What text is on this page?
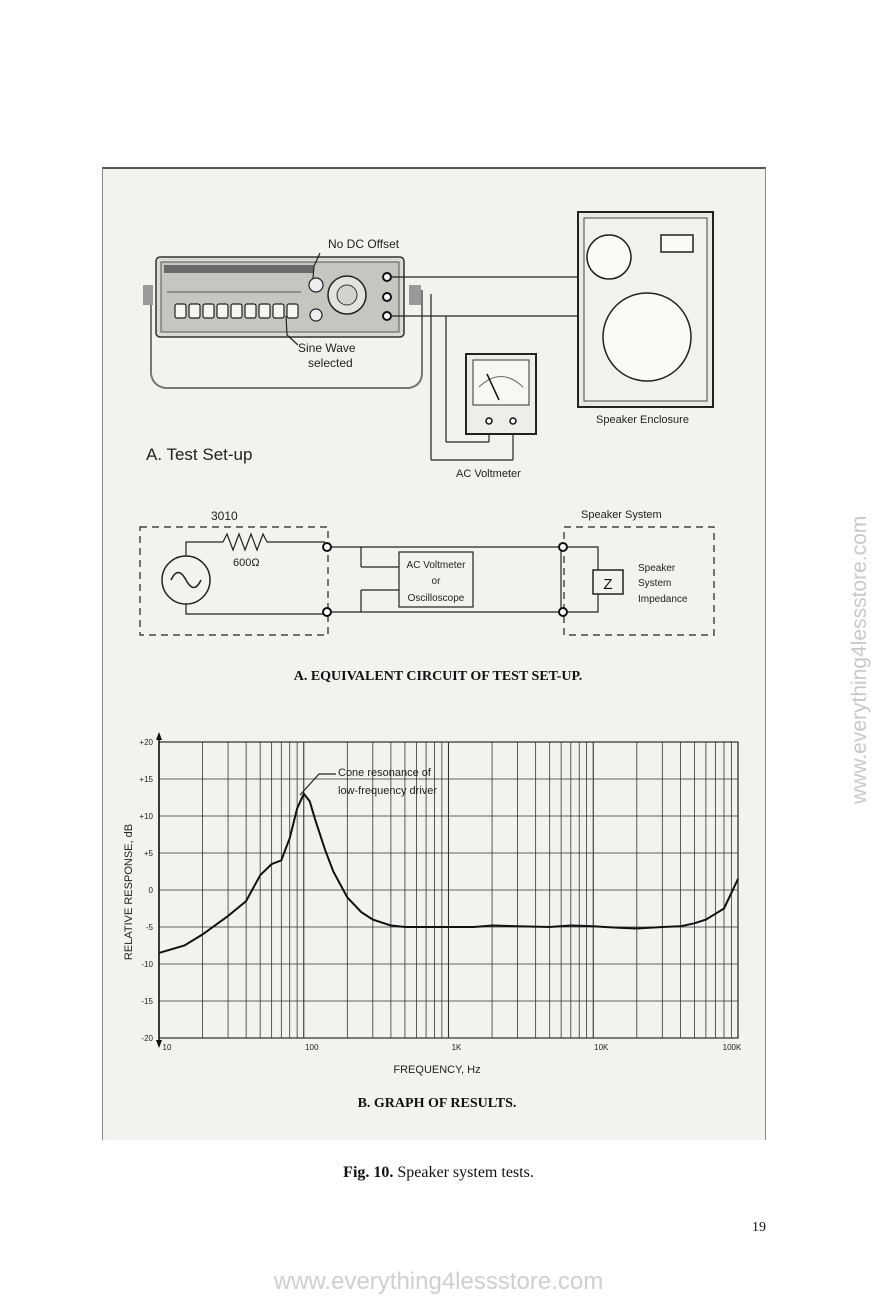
No DC Offset
Sine Wave
selected
AC Voltmeter
Speaker Enclosure
A. Test Set-up
3010
600Ω	AC Voltmeter
or
Oscilloscope
Speaker System
Z
Speaker
System
Impedance
A. EQUIVALENT CIRCUIT OF TEST SET-UP.
+20
+15
+10
+5
0
-5
-10
-15
-20
10	100	1K	10K	100K
Cone resonance of
low-frequency driver
RELATIVE RESPONSE, dB
FREQUENCY, Hz
B. GRAPH OF RESULTS.
Fig. 10. Speaker system tests.
19
www.everything4lessstore.com
www.everything4lessstore.com
